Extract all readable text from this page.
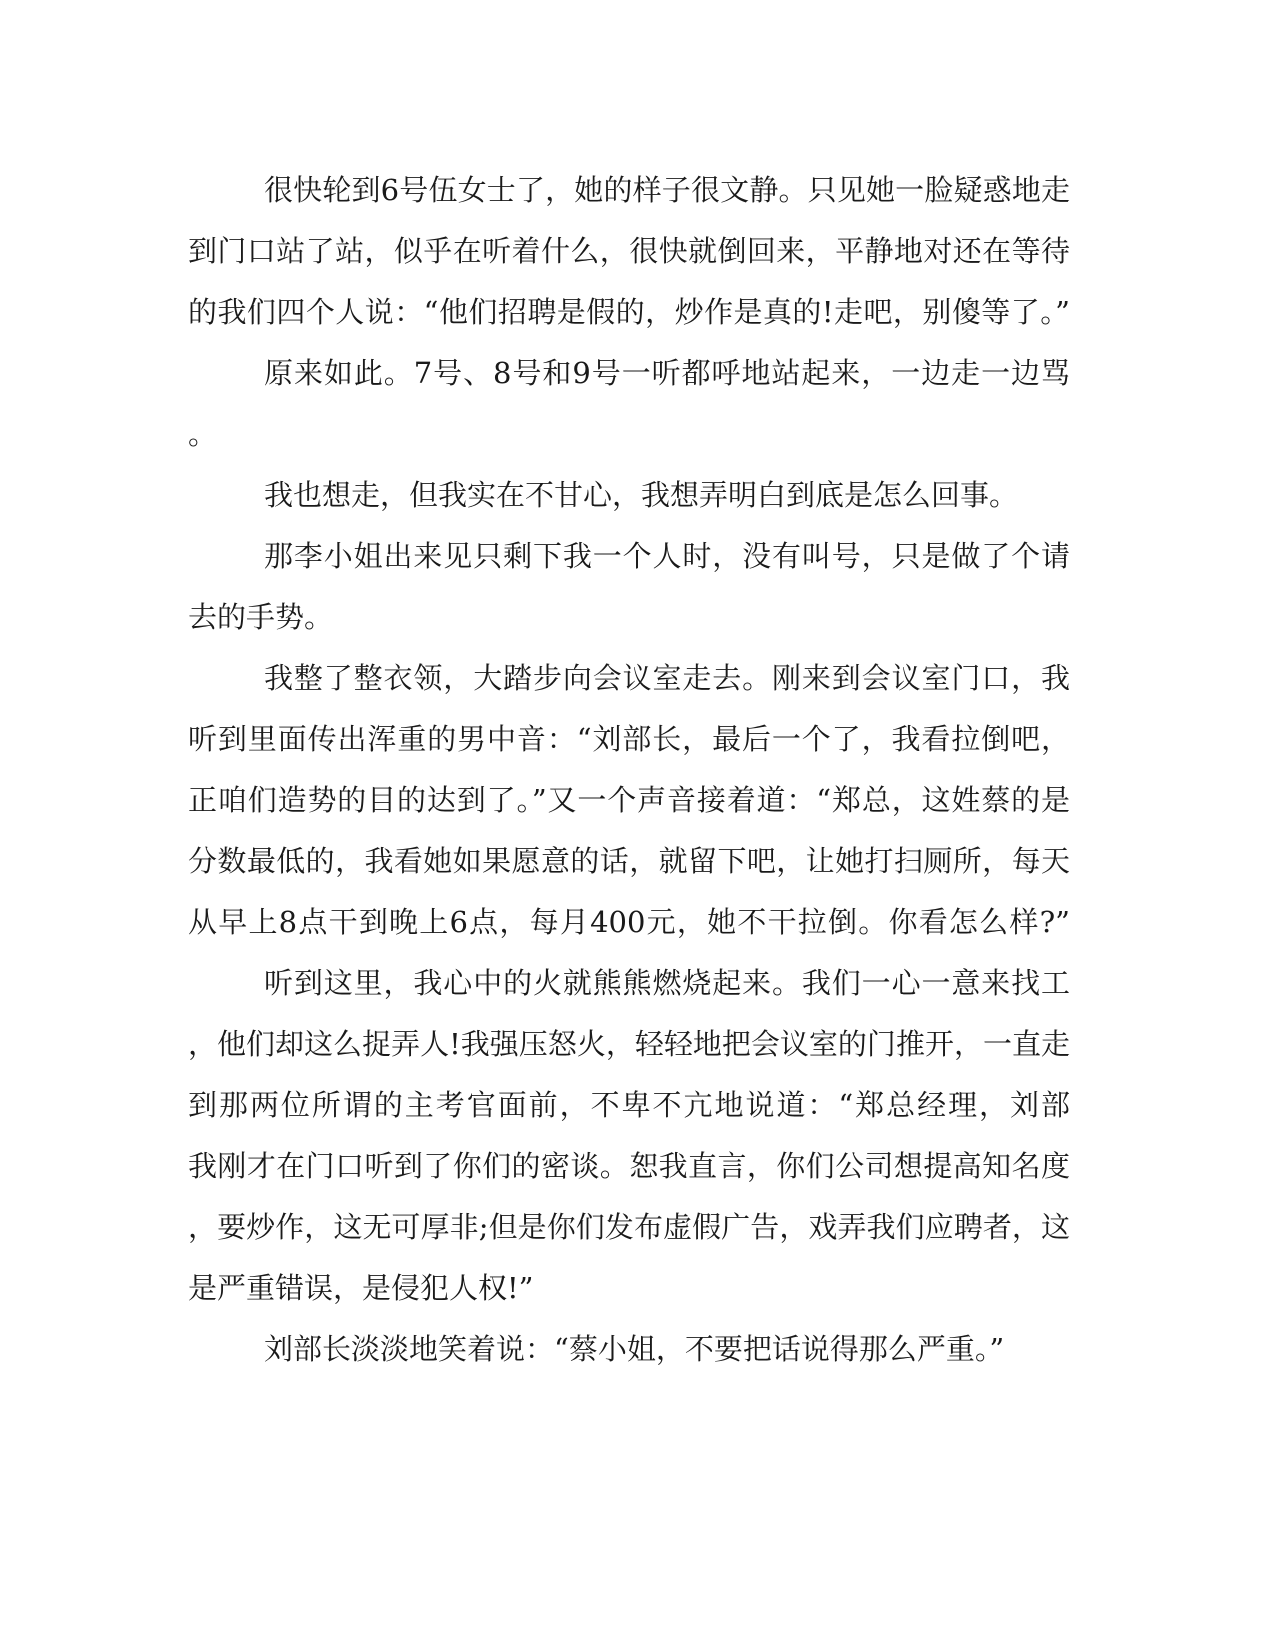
很快轮到6号伍女士了，她的样子很文静。只见她一脸疑惑地走
到门口站了站，似乎在听着什么，很快就倒回来，平静地对还在等待
的我们四个人说：“他们招聘是假的，炒作是真的!走吧，别傻等了。”
原来如此。7号、8号和9号一听都呼地站起来，一边走一边骂
。
我也想走，但我实在不甘心，我想弄明白到底是怎么回事。
那李小姐出来见只剩下我一个人时，没有叫号，只是做了个请
去的手势。
我整了整衣领，大踏步向会议室走去。刚来到会议室门口，我
听到里面传出浑重的男中音：“刘部长，最后一个了，我看拉倒吧，
正咱们造势的目的达到了。”又一个声音接着道：“郑总，这姓蔡的是
分数最低的，我看她如果愿意的话，就留下吧，让她打扫厕所，每天
从早上8点干到晚上6点，每月400元，她不干拉倒。你看怎么样?”
听到这里，我心中的火就熊熊燃烧起来。我们一心一意来找工
，他们却这么捉弄人!我强压怒火，轻轻地把会议室的门推开，一直走
到那两位所谓的主考官面前，不卑不亢地说道：“郑总经理，刘部
我刚才在门口听到了你们的密谈。恕我直言，你们公司想提高知名度
，要炒作，这无可厚非;但是你们发布虚假广告，戏弄我们应聘者，这
是严重错误，是侵犯人权!”
刘部长淡淡地笑着说：“蔡小姐，不要把话说得那么严重。”
